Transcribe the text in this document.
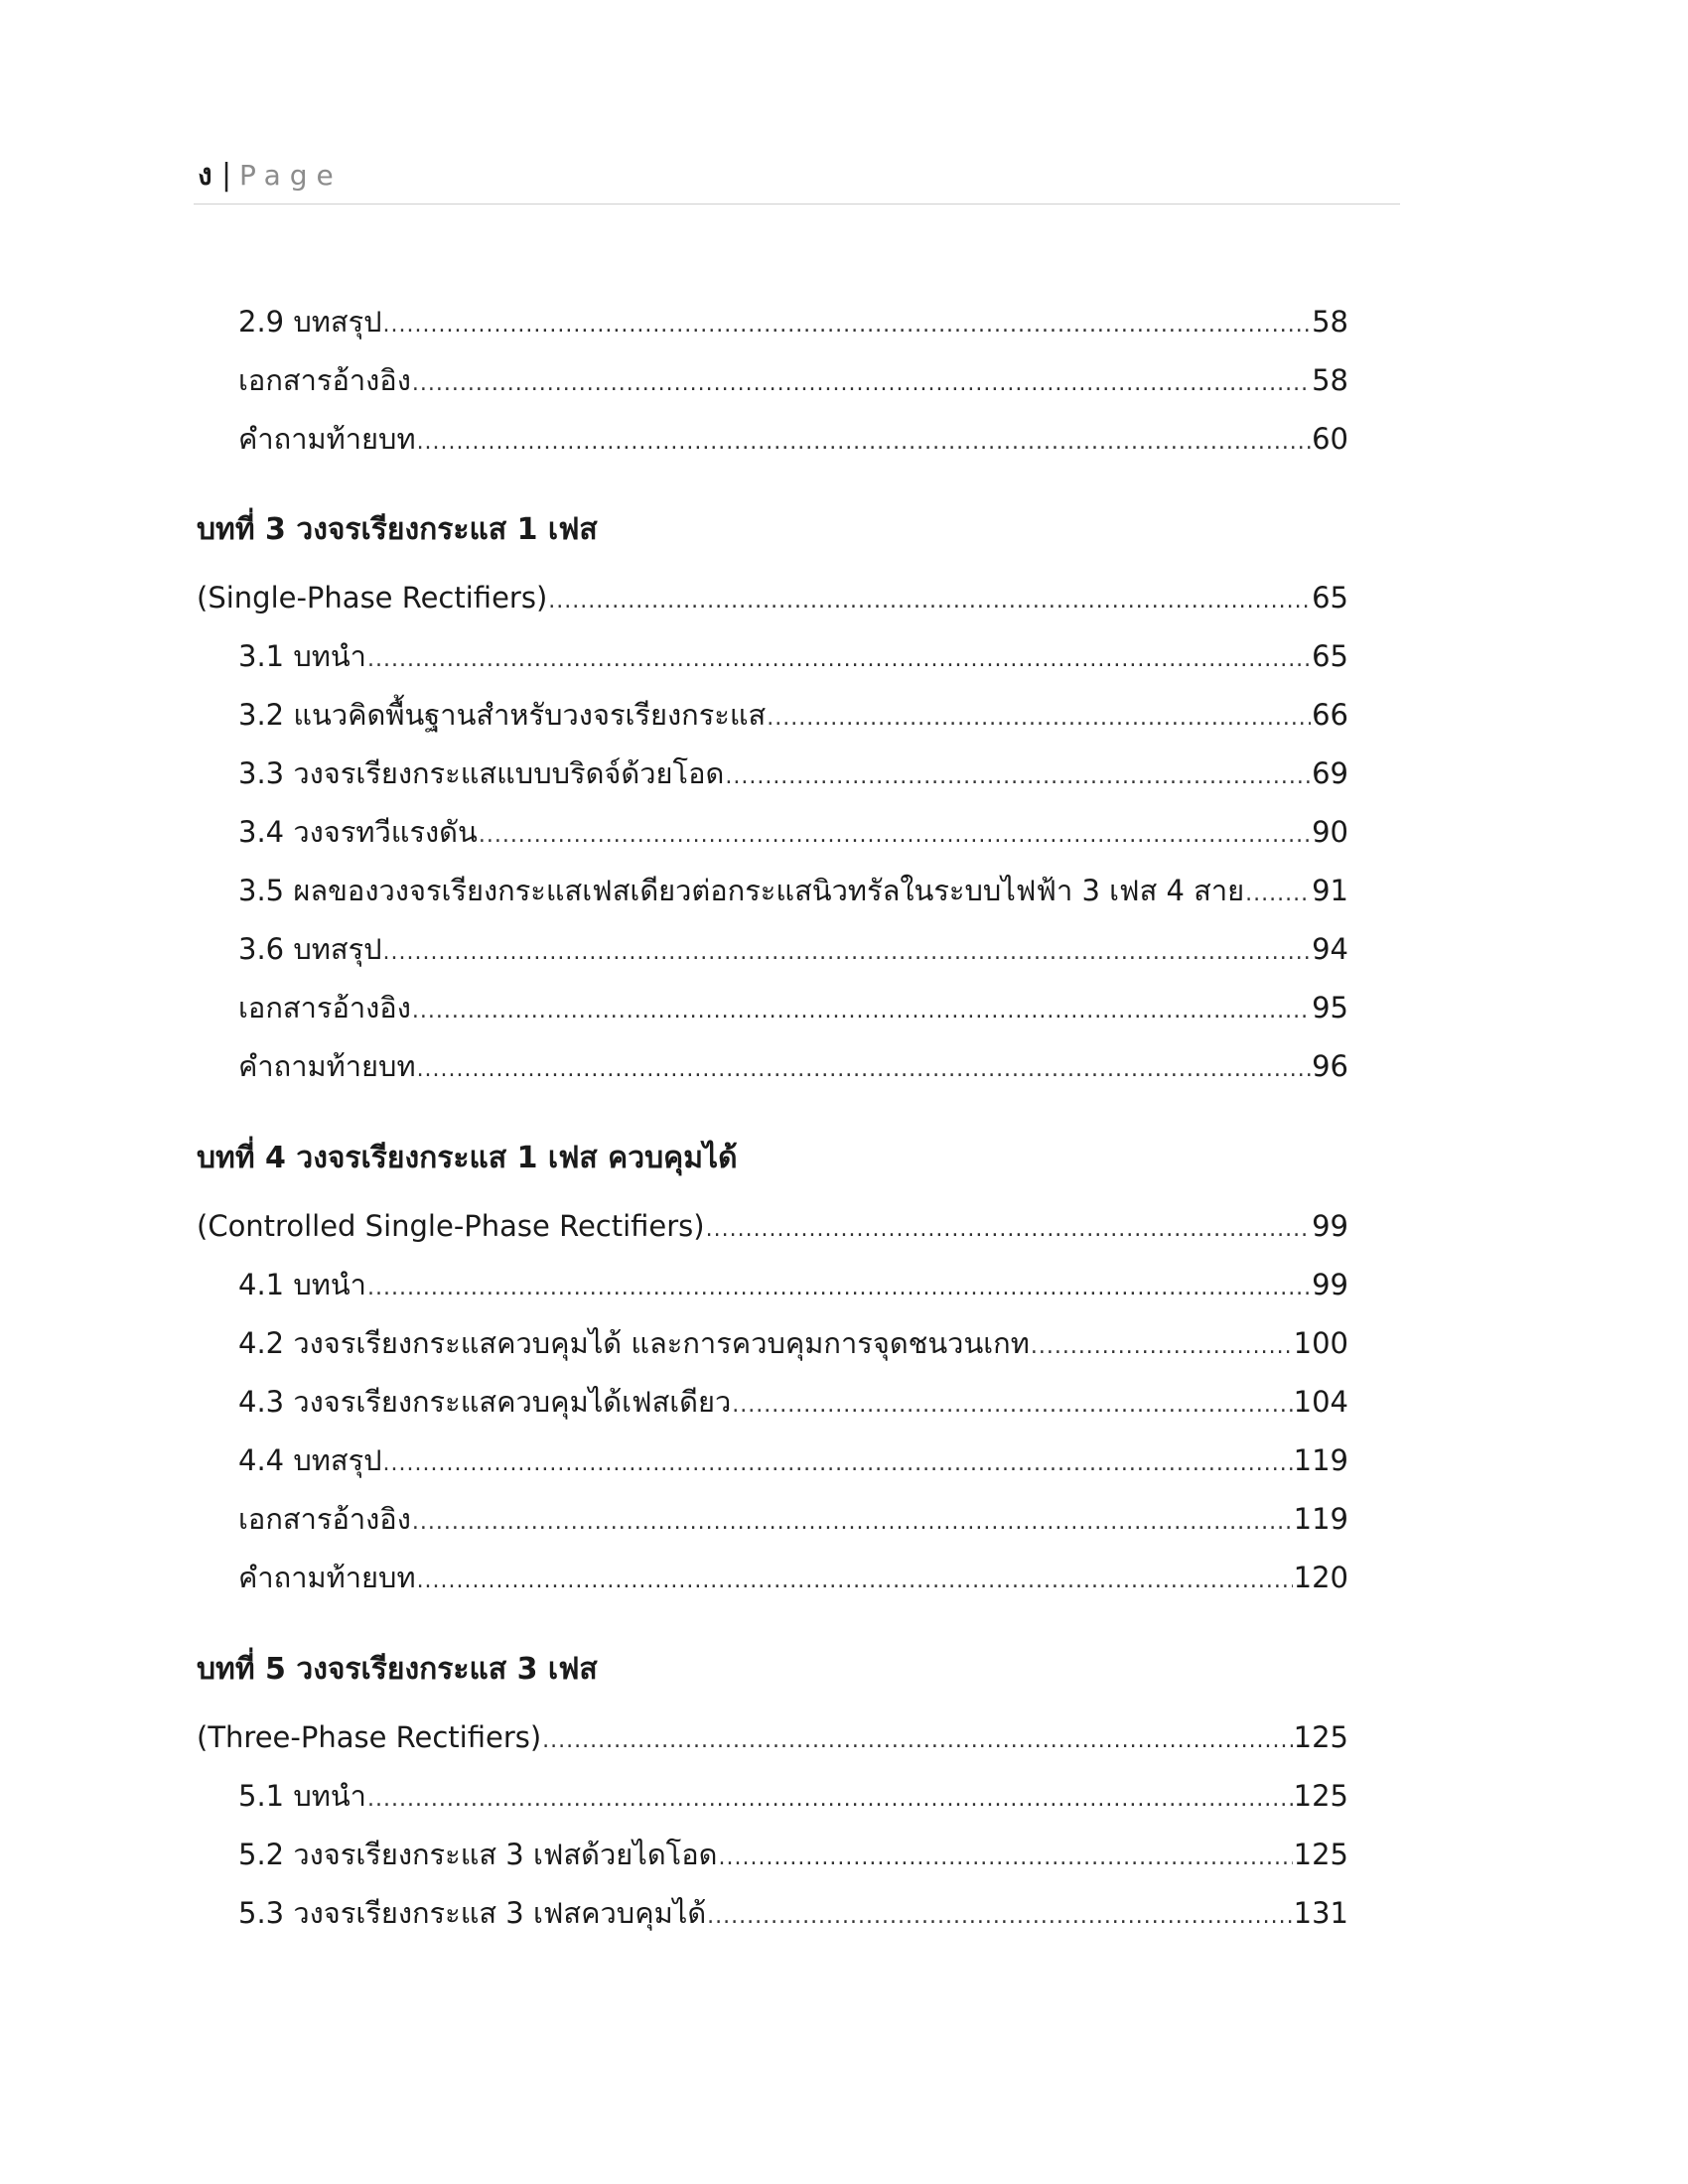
ง | Page
2.9 บทสรุป .....	58
เอกสารอ้างอิง .....	58
คำถามท้ายบท .....	60
บทที่ 3 วงจรเรียงกระแส 1 เฟส
(Single-Phase Rectifiers) .....	65
3.1 บทนำ .....	65
3.2 แนวคิดพื้นฐานสำหรับวงจรเรียงกระแส .....	66
3.3 วงจรเรียงกระแสแบบบริดจ์ด้วยโอด .....	69
3.4 วงจรทวีแรงดัน .....	90
3.5 ผลของวงจรเรียงกระแสเฟสเดียวต่อกระแสนิวทรัลในระบบไฟฟ้า 3 เฟส 4 สาย ..... 91
3.6 บทสรุป .....	94
เอกสารอ้างอิง .....	95
คำถามท้ายบท .....	96
บทที่ 4 วงจรเรียงกระแส 1 เฟส ควบคุมได้
(Controlled Single-Phase Rectifiers) .....	99
4.1 บทนำ .....	99
4.2 วงจรเรียงกระแสควบคุมได้ และการควบคุมการจุดชนวนเกท .....	100
4.3 วงจรเรียงกระแสควบคุมได้เฟสเดียว .....	104
4.4 บทสรุป .....	119
เอกสารอ้างอิง .....	119
คำถามท้ายบท .....	120
บทที่ 5 วงจรเรียงกระแส 3 เฟส
(Three-Phase Rectifiers) .....	125
5.1 บทนำ .....	125
5.2 วงจรเรียงกระแส 3 เฟสด้วยไดโอด .....	125
5.3 วงจรเรียงกระแส 3 เฟสควบคุมได้ .....	131
